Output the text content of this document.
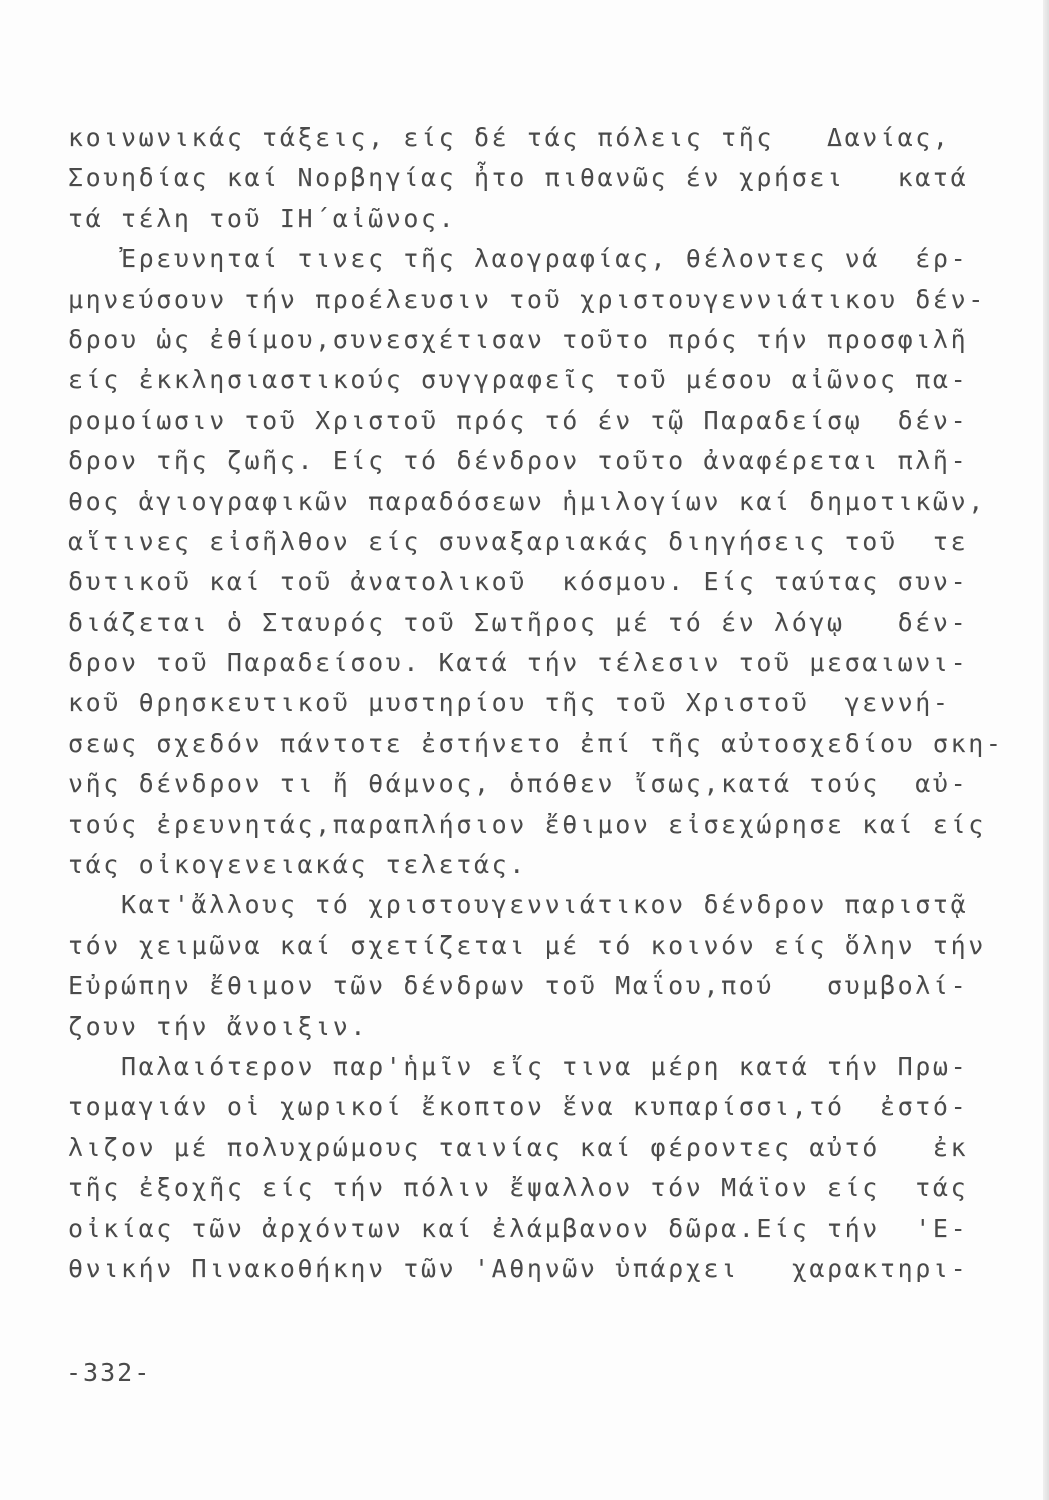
κοινωνικάς τάξεις, είς δέ τάς πόλεις τῆς   Δανίας,
Σουηδίας καί Νορβηγίας ἦτο πιθανῶς έν χρήσει   κατά
τά τέλη τοῦ ΙΗ΄αἰῶνος.
Ἐρευνηταί τινες τῆς λαογραφίας, θέλοντες νά  έρ-
μηνεύσουν τήν προέλευσιν τοῦ χριστουγεννιάτικου δέν-
δρου ὡς ἐθίμου,συνεσχέτισαν τοῦτο πρός τήν προσφιλῆ
είς ἐκκλησιαστικούς συγγραφεῖς τοῦ μέσου αἰῶνος πα-
ρομοίωσιν τοῦ Χριστοῦ πρός τό έν τῷ Παραδείσῳ  δέν-
δρον τῆς ζωῆς. Είς τό δένδρον τοῦτο ἀναφέρεται πλῆ-
θος ἁγιογραφικῶν παραδόσεων ἡμιλογίων καί δημοτικῶν,
αἵτινες εἰσῆλθον είς συναξαριακάς διηγήσεις τοῦ  τε
δυτικοῦ καί τοῦ ἀνατολικοῦ  κόσμου. Είς ταύτας συν-
διάζεται ὁ Σταυρός τοῦ Σωτῆρος μέ τό έν λόγῳ   δέν-
δρον τοῦ Παραδείσου. Κατά τήν τέλεσιν τοῦ μεσαιωνι-
κοῦ θρησκευτικοῦ μυστηρίου τῆς τοῦ Χριστοῦ  γεννή-
σεως σχεδόν πάντοτε ἐστήνετο ἐπί τῆς αὐτοσχεδίου σκη-
νῆς δένδρον τι ἤ θάμνος, ὁπόθεν ἴσως,κατά τούς  αὐ-
τούς ἐρευνητάς,παραπλήσιον ἔθιμον εἰσεχώρησε καί είς
τάς οἰκογενειακάς τελετάς.
Κατ'ἄλλους τό χριστουγεννιάτικον δένδρον παριστᾷ
τόν χειμῶνα καί σχετίζεται μέ τό κοινόν είς ὅλην τήν
Εὐρώπην ἔθιμον τῶν δένδρων τοῦ Μαΐου,πού   συμβολί-
ζουν τήν ἄνοιξιν.
Παλαιότερον παρ'ἡμῖν εἴς τινα μέρη κατά τήν Πρω-
τομαγιάν οἱ χωρικοί ἔκοπτον ἕνα κυπαρίσσι,τό  ἐστό-
λιζον μέ πολυχρώμους ταινίας καί φέροντες αὐτό   ἐκ
τῆς ἐξοχῆς είς τήν πόλιν ἔψαλλον τόν Μάϊον είς  τάς
οἰκίας τῶν ἀρχόντων καί ἐλάμβανον δῶρα.Είς τήν  'Ε-
θνικήν Πινακοθήκην τῶν 'Αθηνῶν ὑπάρχει   χαρακτηρι-
-332-
